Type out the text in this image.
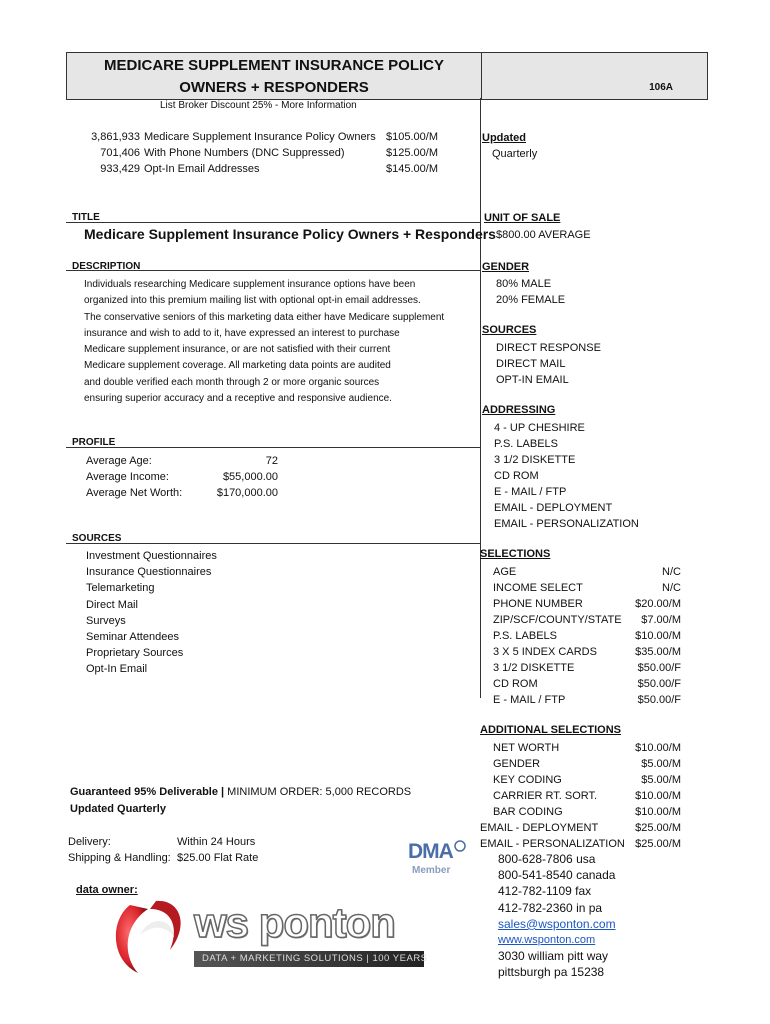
MEDICARE SUPPLEMENT INSURANCE POLICY
OWNERS + RESPONDERS	106A
List Broker Discount 25% - More Information
3,861,933 Medicare Supplement Insurance Policy Owners $105.00/M
701,406 With Phone Numbers (DNC Suppressed)	$125.00/M
933,429 Opt-In Email Addresses	$145.00/M
Updated
Quarterly
TITLE
Medicare Supplement Insurance Policy Owners + Responders
UNIT OF SALE
$800.00 AVERAGE
DESCRIPTION
Individuals researching Medicare supplement insurance options have been
organized into this premium mailing list with optional opt-in email addresses.
The conservative seniors of this marketing data either have Medicare supplement
insurance and wish to add to it, have expressed an interest to purchase
Medicare supplement insurance, or are not satisfied with their current
Medicare supplement coverage. All marketing data points are audited
and double verified each month through 2 or more organic sources
ensuring superior accuracy and a receptive and responsive audience.
GENDER
80% MALE
20% FEMALE
SOURCES
DIRECT RESPONSE
DIRECT MAIL
OPT-IN EMAIL
ADDRESSING
4 - UP CHESHIRE
P.S. LABELS
3 1/2 DISKETTE
CD ROM
E - MAIL / FTP
EMAIL - DEPLOYMENT
EMAIL - PERSONALIZATION
PROFILE
Average Age:	72
Average Income:	$55,000.00
Average Net Worth:	$170,000.00
SOURCES
Investment Questionnaires
Insurance Questionnaires
Telemarketing
Direct Mail
Surveys
Seminar Attendees
Proprietary Sources
Opt-In Email
SELECTIONS
AGE	N/C
INCOME SELECT	N/C
PHONE NUMBER	$20.00/M
ZIP/SCF/COUNTY/STATE $7.00/M
P.S. LABELS	$10.00/M
3 X 5 INDEX CARDS	$35.00/M
3 1/2 DISKETTE	$50.00/F
CD ROM	$50.00/F
E - MAIL / FTP	$50.00/F
ADDITIONAL SELECTIONS
NET WORTH	$10.00/M
GENDER	$5.00/M
KEY CODING	$5.00/M
CARRIER RT. SORT.	$10.00/M
BAR CODING	$10.00/M
EMAIL - DEPLOYMENT	$25.00/M
EMAIL - PERSONALIZATION $25.00/M
Guaranteed 95% Deliverable | MINIMUM ORDER: 5,000 RECORDS
Updated Quarterly
Delivery:	Within 24 Hours
Shipping & Handling: $25.00 Flat Rate	DMA
Member
data owner:
ws ponton
DATA + MARKETING SOLUTIONS | 100 YEARS
800-628-7806 usa
800-541-8540 canada
412-782-1109 fax
412-782-2360 in pa
sales@wsponton.com
www.wsponton.com
3030 william pitt way
pittsburgh pa 15238
